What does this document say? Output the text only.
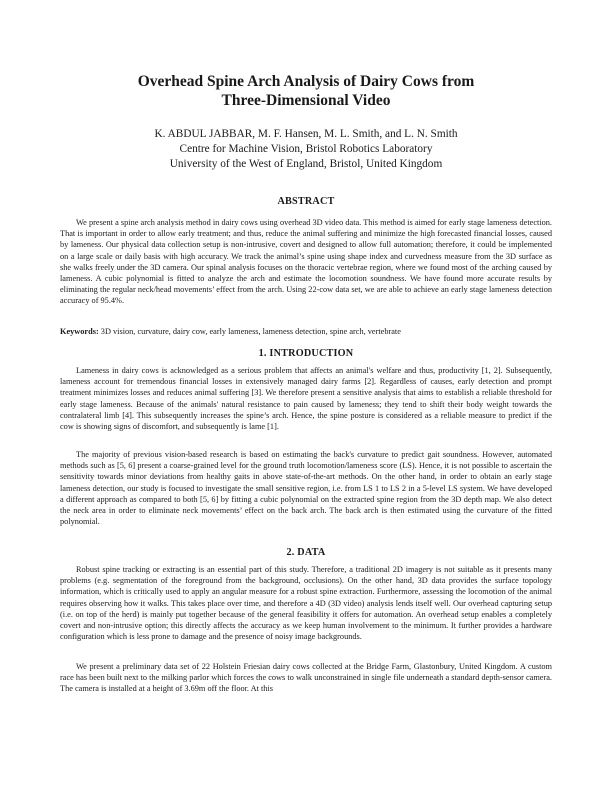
Overhead Spine Arch Analysis of Dairy Cows from
Three-Dimensional Video
K. ABDUL JABBAR, M. F. Hansen, M. L. Smith, and L. N. Smith
Centre for Machine Vision, Bristol Robotics Laboratory
University of the West of England, Bristol, United Kingdom
ABSTRACT

We present a spine arch analysis method in dairy cows using overhead 3D video data. This method is aimed for early stage lameness detection. That is important in order to allow early treatment; and thus, reduce the animal suffering and minimize the high forecasted financial losses, caused by lameness. Our physical data collection setup is non-intrusive, covert and designed to allow full automation; therefore, it could be implemented on a large scale or daily basis with high accuracy. We track the animal’s spine using shape index and curvedness measure from the 3D surface as she walks freely under the 3D camera. Our spinal analysis focuses on the thoracic vertebrae region, where we found most of the arching caused by lameness. A cubic polynomial is fitted to analyze the arch and estimate the locomotion soundness. We have found more accurate results by eliminating the regular neck/head movements’ effect from the arch. Using 22-cow data set, we are able to achieve an early stage lameness detection accuracy of 95.4%.

Keywords: 3D vision, curvature, dairy cow, early lameness, lameness detection, spine arch, vertebrate

1. INTRODUCTION

Lameness in dairy cows is acknowledged as a serious problem that affects an animal's welfare and thus, productivity [1, 2]. Subsequently, lameness account for tremendous financial losses in extensively managed dairy farms [2]. Regardless of causes, early detection and prompt treatment minimizes losses and reduces animal suffering [3]. We therefore present a sensitive analysis that aims to establish a reliable threshold for early stage lameness. Because of the animals' natural resistance to pain caused by lameness; they tend to shift their body weight towards the contralateral limb [4]. This subsequently increases the spine’s arch. Hence, the spine posture is considered as a reliable measure to predict if the cow is showing signs of discomfort, and subsequently is lame [1].

The majority of previous vision-based research is based on estimating the back's curvature to predict gait soundness. However, automated methods such as [5, 6] present a coarse-grained level for the ground truth locomotion/lameness score (LS). Hence, it is not possible to ascertain the sensitivity towards minor deviations from healthy gaits in above state-of-the-art methods. On the other hand, in order to obtain an early stage lameness detection, our study is focused to investigate the small sensitive region, i.e. from LS 1 to LS 2 in a 5-level LS system. We have developed a different approach as compared to both [5, 6] by fitting a cubic polynomial on the extracted spine region from the 3D depth map. We also detect the neck area in order to eliminate neck movements’ effect on the back arch. The back arch is then estimated using the curvature of the fitted polynomial.

2. DATA

Robust spine tracking or extracting is an essential part of this study. Therefore, a traditional 2D imagery is not suitable as it presents many problems (e.g. segmentation of the foreground from the background, occlusions). On the other hand, 3D data provides the surface topology information, which is critically used to apply an angular measure for a robust spine extraction. Furthermore, assessing the locomotion of the animal requires observing how it walks. This takes place over time, and therefore a 4D (3D video) analysis lends itself well. Our overhead capturing setup (i.e. on top of the herd) is mainly put together because of the general feasibility it offers for automation. An overhead setup enables a completely covert and non-intrusive option; this directly affects the accuracy as we keep human involvement to the minimum. It further provides a hardware configuration which is less prone to damage and the presence of noisy image backgrounds.

We present a preliminary data set of 22 Holstein Friesian dairy cows collected at the Bridge Farm, Glastonbury, United Kingdom. A custom race has been built next to the milking parlor which forces the cows to walk unconstrained in single file underneath a standard depth-sensor camera. The camera is installed at a height of 3.69m off the floor. At this
